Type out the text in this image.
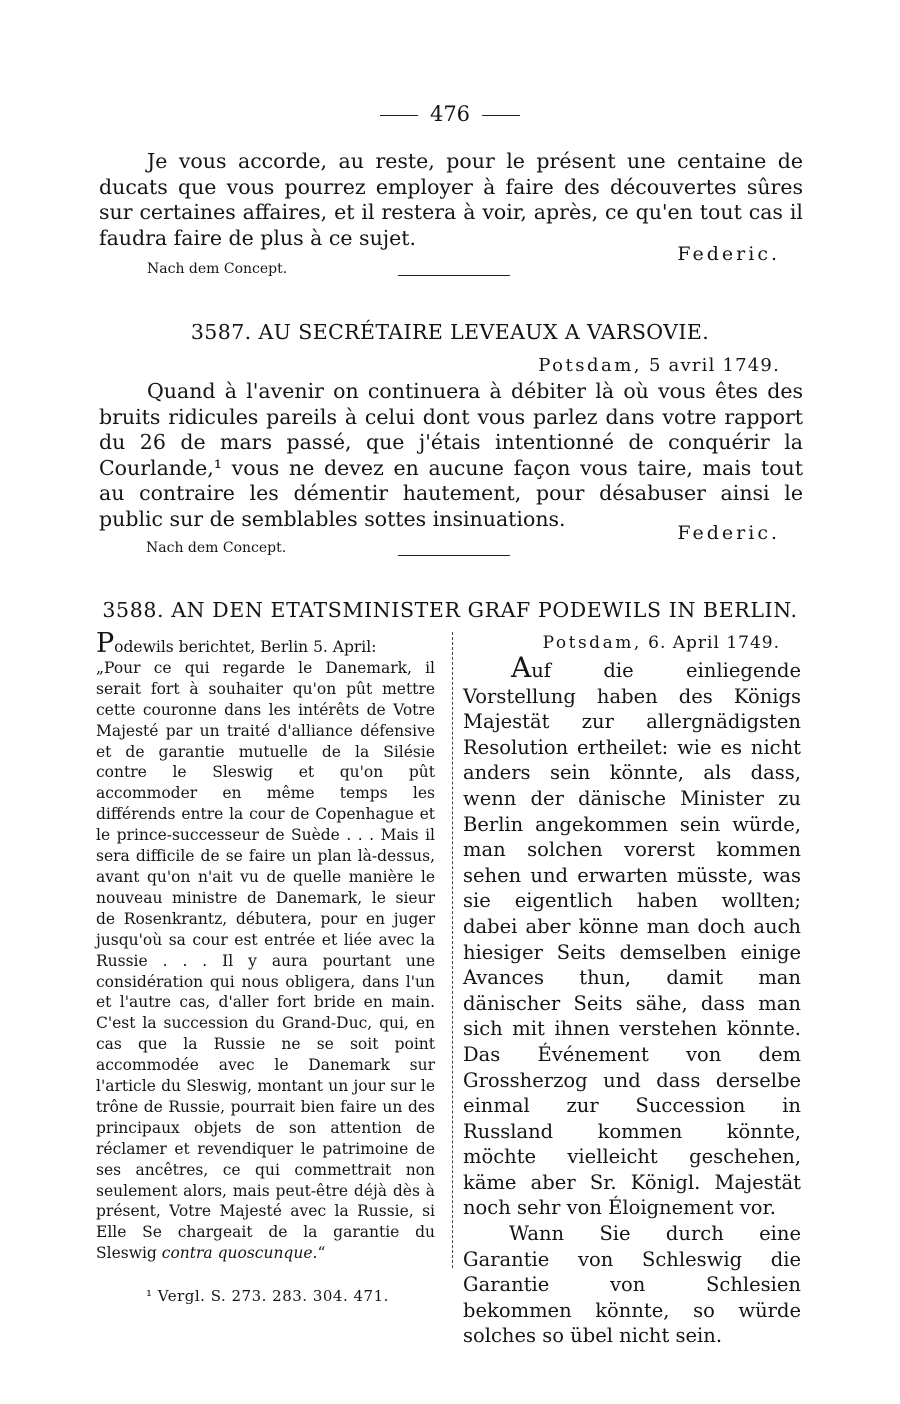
476

Je vous accorde, au reste, pour le présent une centaine de ducats que vous pourrez employer à faire des découvertes sûres sur certaines affaires, et il restera à voir, après, ce qu'en tout cas il faudra faire de plus à ce sujet.

Federic.
Nach dem Concept.
3587. AU SECRÉTAIRE LEVEAUX A VARSOVIE.
Potsdam, 5 avril 1749.

Quand à l'avenir on continuera à débiter là où vous êtes des bruits ridicules pareils à celui dont vous parlez dans votre rapport du 26 de mars passé, que j'étais intentionné de conquérir la Courlande,¹ vous ne devez en aucune façon vous taire, mais tout au contraire les démentir hautement, pour désabuser ainsi le public sur de semblables sottes insinuations.

Federic.
Nach dem Concept.
3588. AN DEN ETATSMINISTER GRAF PODEWILS IN BERLIN.

Podewils berichtet, Berlin 5. April:

„Pour ce qui regarde le Danemark, il serait fort à souhaiter qu'on pût mettre cette couronne dans les intérêts de Votre Majesté par un traité d'alliance défensive et de garantie mutuelle de la Silésie contre le Sleswig et qu'on pût accommoder en même temps les différends entre la cour de Copenhague et le prince-successeur de Suède . . . Mais il sera difficile de se faire un plan là-dessus, avant qu'on n'ait vu de quelle manière le nouveau ministre de Danemark, le sieur de Rosenkrantz, débutera, pour en juger jusqu'où sa cour est entrée et liée avec la Russie . . . Il y aura pourtant une considération qui nous obligera, dans l'un et l'autre cas, d'aller fort bride en main. C'est la succession du Grand-Duc, qui, en cas que la Russie ne se soit point accommodée avec le Danemark sur l'article du Sleswig, montant un jour sur le trône de Russie, pourrait bien faire un des principaux objets de son attention de réclamer et revendiquer le patrimoine de ses ancêtres, ce qui commettrait non seulement alors, mais peut-être déjà dès à présent, Votre Majesté avec la Russie, si Elle Se chargeait de la garantie du Sleswig contra quoscunque.“

Potsdam, 6. April 1749.

Auf die einliegende Vorstellung haben des Königs Majestät zur allergnädigsten Resolution ertheilet: wie es nicht anders sein könnte, als dass, wenn der dänische Minister zu Berlin angekommen sein würde, man solchen vorerst kommen sehen und erwarten müsste, was sie eigentlich haben wollten; dabei aber könne man doch auch hiesiger Seits demselben einige Avances thun, damit man dänischer Seits sähe, dass man sich mit ihnen verstehen könnte. Das Événement von dem Grossherzog und dass derselbe einmal zur Succession in Russland kommen könnte, möchte vielleicht geschehen, käme aber Sr. Königl. Majestät noch sehr von Éloignement vor.

Wann Sie durch eine Garantie von Schleswig die Garantie von Schlesien bekommen könnte, so würde solches so übel nicht sein.

¹ Vergl. S. 273. 283. 304. 471.
